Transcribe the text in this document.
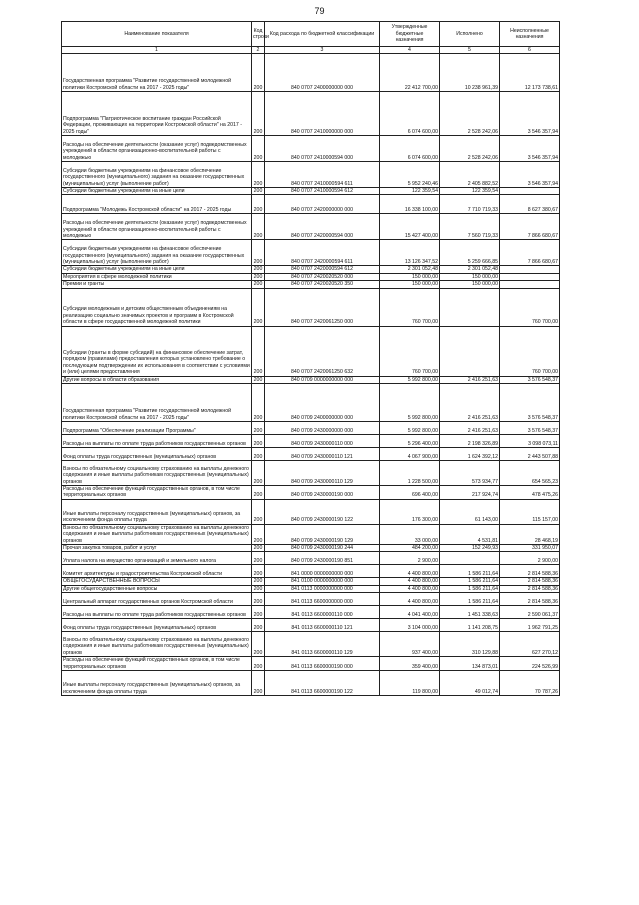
79
Наименование показателя	Код строки	Код расхода по бюджетной классификации	Утвержденные бюджетные назначения	Исполнено	Неисполненные назначения
1	2	3	4	5	6
Государственная программа "Развитие государственной молодежной политики Костромской области на 2017 - 2025 годы"	200	840 0707 2400000000 000	22 412 700,00	10 238 961,39	12 173 738,61
Подпрограмма "Патриотическое воспитание граждан Российской Федерации, проживающих на территории Костромской области" на 2017 - 2025 годы"	200	840 0707 2410000000 000	6 074 600,00	2 528 242,06	3 546 357,94
Расходы на обеспечение деятельности (оказание услуг) подведомственных учреждений в области организационно-воспитательной работы с молодежью	200	840 0707 2410000594 000	6 074 600,00	2 528 242,06	3 546 357,94
Субсидии бюджетным учреждениям на финансовое обеспечение государственного (муниципального) задания на оказание государственных (муниципальных) услуг (выполнение работ)	200	840 0707 2410000594 611	5 952 240,46	2 405 882,52	3 546 357,94
Субсидии бюджетным учреждениям на иные цели	200	840 0707 2410000594 612	122 359,54	122 359,54	
Подпрограмма "Молодежь Костромской области" на 2017 - 2025 годы	200	840 0707 2420000000 000	16 338 100,00	7 710 719,33	8 627 380,67
Расходы на обеспечение деятельности (оказание услуг) подведомственных учреждений в области организационно-воспитательной работы с молодежью	200	840 0707 2420000594 000	15 427 400,00	7 560 719,33	7 866 680,67
Субсидии бюджетным учреждениям на финансовое обеспечение государственного (муниципального) задания на оказание государственных (муниципальных) услуг (выполнение работ)	200	840 0707 2420000594 611	13 126 347,52	5 259 666,85	7 866 680,67
Субсидии бюджетным учреждениям на иные цели	200	840 0707 2420000594 612	2 301 052,48	2 301 052,48	
Мероприятия в сфере молодежной политики	200	840 0707 2420020520 000	150 000,00	150 000,00	
Премии и гранты	200	840 0707 2420020520 350	150 000,00	150 000,00	
Субсидии молодежным и детским общественным объединениям на реализацию социально значимых проектов и программ в Костромской области в сфере государственной молодежной политики	200	840 0707 2420061250 000	760 700,00		760 700,00
Субсидии (гранты в форме субсидий) на финансовое обеспечение затрат, порядком (правилами) предоставления которых установлено требование о последующем подтверждении их использования в соответствии с условиями и (или) целями предоставления	200	840 0707 2420061250 632	760 700,00		760 700,00
Другие вопросы в области образования	200	840 0709 0000000000 000	5 992 800,00	2 416 251,63	3 576 548,37
Государственная программа "Развитие государственной молодежной политики Костромской области на 2017 - 2025 годы"	200	840 0709 2400000000 000	5 992 800,00	2 416 251,63	3 576 548,37
Подпрограмма "Обеспечение реализации Программы"	200	840 0709 2430000000 000	5 992 800,00	2 416 251,63	3 576 548,37
Расходы на выплаты по оплате труда работников государственных органов	200	840 0709 2430000110 000	5 296 400,00	2 198 326,89	3 098 073,11
Фонд оплаты труда государственных (муниципальных) органов	200	840 0709 2430000110 121	4 067 900,00	1 624 392,12	2 443 507,88
Взносы по обязательному социальному страхованию на выплаты денежного содержания и иные выплаты работникам государственных (муниципальных) органов	200	840 0709 2430000110 129	1 228 500,00	573 934,77	654 565,23
Расходы на обеспечение функций государственных органов, в том числе территориальных органов	200	840 0709 2430000190 000	696 400,00	217 924,74	478 475,26
Иные выплаты персоналу государственных (муниципальных) органов, за исключением фонда оплаты труда	200	840 0709 2430000190 122	176 300,00	61 143,00	115 157,00
Взносы по обязательному социальному страхованию на выплаты денежного содержания и иные выплаты работникам государственных (муниципальных) органов	200	840 0709 2430000190 129	33 000,00	4 531,81	28 468,19
Прочая закупка товаров, работ и услуг	200	840 0709 2430000190 244	484 200,00	152 249,93	331 950,07
Уплата налога на имущество организаций и земельного налога	200	840 0709 2430000190 851	2 900,00		2 900,00
Комитет архитектуры и градостроительства Костромской области	200	841 0000 0000000000 000	4 400 800,00	1 586 211,64	2 814 588,36
ОБЩЕГОСУДАРСТВЕННЫЕ ВОПРОСЫ	200	841 0100 0000000000 000	4 400 800,00	1 586 211,64	2 814 588,36
Другие общегосударственные вопросы	200	841 0113 0000000000 000	4 400 800,00	1 586 211,64	2 814 588,36
Центральный аппарат государственных органов Костромской области	200	841 0113 6600000000 000	4 400 800,00	1 586 211,64	2 814 588,36
Расходы на выплаты по оплате труда работников государственных органов	200	841 0113 6600000110 000	4 041 400,00	1 451 338,63	2 590 061,37
Фонд оплаты труда государственных (муниципальных) органов	200	841 0113 6600000110 121	3 104 000,00	1 141 208,75	1 962 791,25
Взносы по обязательному социальному страхованию на выплаты денежного содержания и иные выплаты работникам государственных (муниципальных) органов	200	841 0113 6600000110 129	937 400,00	310 129,88	627 270,12
Расходы на обеспечение функций государственных органов, в том числе территориальных органов	200	841 0113 6600000190 000	359 400,00	134 873,01	224 526,99
Иные выплаты персоналу государственных (муниципальных) органов, за исключением фонда оплаты труда	200	841 0113 6600000190 122	119 800,00	49 012,74	70 787,26
